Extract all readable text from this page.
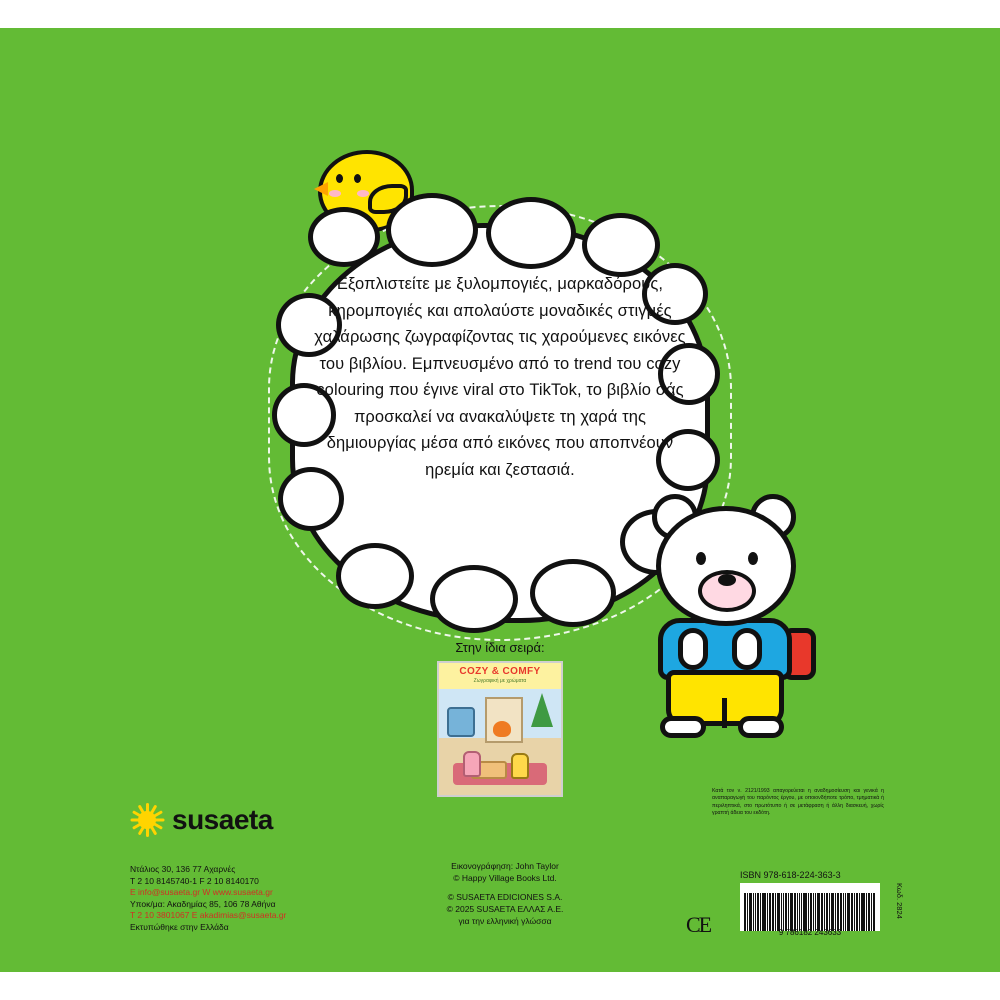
Εξοπλιστείτε με ξυλομπογιές, μαρκαδόρους, κηρομπογιές και απολαύστε μοναδικές στιγμές χαλάρωσης ζωγραφίζοντας τις χαρούμενες εικόνες του βιβλίου. Εμπνευσμένο από το trend του cozy colouring που έγινε viral στο TikTok, το βιβλίο σάς προσκαλεί να ανακαλύψετε τη χαρά της δημιουργίας μέσα από εικόνες που αποπνέουν ηρεμία και ζεστασιά.
Στην ίδια σειρά:
COZY & COMFY
Ζωγραφική με χρώματα
susaeta
Ντάλιος 30, 136 77 Αχαρνές
T 2 10 8145740-1 F 2 10 8140170
E info@susaeta.gr W www.susaeta.gr
Υποκ/μα: Ακαδημίας 85, 106 78 Αθήνα
T 2 10 3801067 E akadimias@susaeta.gr
Εκτυπώθηκε στην Ελλάδα
Εικονογράφηση: John Taylor
© Happy Village Books Ltd.
© SUSAETA EDICIONES S.A.
© 2025 SUSAETA ΕΛΛΑΣ Α.Ε.
για την ελληνική γλώσσα
Κατά τον ν. 2121/1993 απαγορεύεται η αναδημοσίευση και γενικά η αναπαραγωγή του παρόντος έργου, με οποιονδήποτε τρόπο, τμηματικά ή περιληπτικά, στο πρωτότυπο ή σε μετάφραση ή άλλη διασκευή, χωρίς γραπτή άδεια του εκδότη.
CE
ISBN 978-618-224-363-3
9 786182 243633
Κωδ. 2824
